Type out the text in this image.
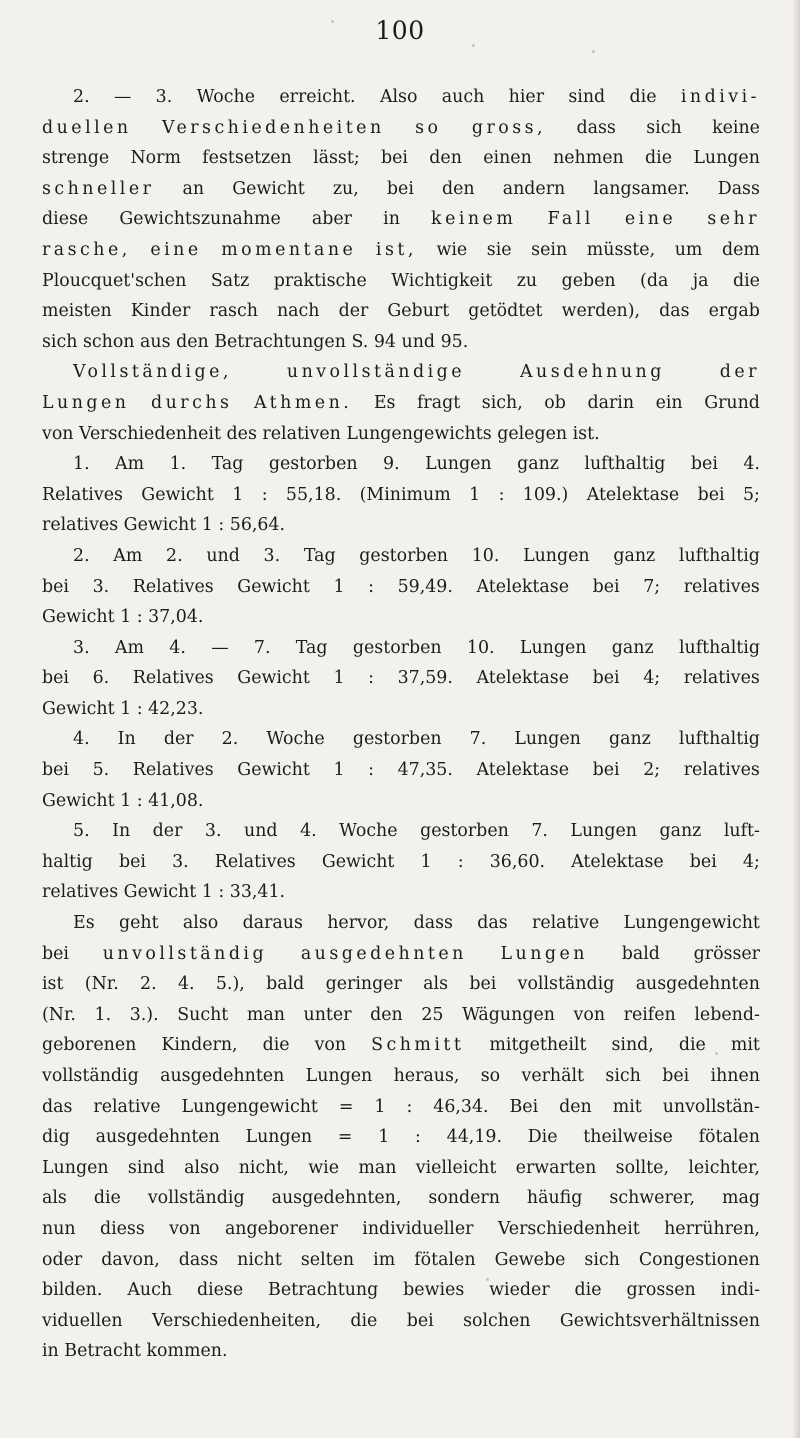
100
2. — 3. Woche erreicht. Also auch hier sind die indivi-
duellen Verschiedenheiten so gross, dass sich keine
strenge Norm festsetzen lässt; bei den einen nehmen die Lungen
schneller an Gewicht zu, bei den andern langsamer. Dass
diese Gewichtszunahme aber in keinem Fall eine sehr
rasche, eine momentane ist, wie sie sein müsste, um dem
Ploucquet'schen Satz praktische Wichtigkeit zu geben (da ja die
meisten Kinder rasch nach der Geburt getödtet werden), das ergab
sich schon aus den Betrachtungen S. 94 und 95.
Vollständige,	unvollständige	Ausdehnung	der
Lungen durchs Athmen. Es fragt sich, ob darin ein Grund
von Verschiedenheit des relativen Lungengewichts gelegen ist.
1. Am 1. Tag gestorben 9. Lungen ganz lufthaltig bei 4.
Relatives Gewicht 1 : 55,18. (Minimum 1 : 109.) Atelektase bei 5;
relatives Gewicht 1 : 56,64.
2. Am 2. und 3. Tag gestorben 10. Lungen ganz lufthaltig
bei 3. Relatives Gewicht 1 : 59,49. Atelektase bei 7; relatives
Gewicht 1 : 37,04.
3. Am 4. — 7. Tag gestorben 10. Lungen ganz lufthaltig
bei 6. Relatives Gewicht 1 : 37,59. Atelektase bei 4; relatives
Gewicht 1 : 42,23.
4. In der 2. Woche gestorben 7. Lungen ganz lufthaltig
bei 5. Relatives Gewicht 1 : 47,35. Atelektase bei 2; relatives
Gewicht 1 : 41,08.
5. In der 3. und 4. Woche gestorben 7. Lungen ganz luft-
haltig bei 3. Relatives Gewicht 1 : 36,60. Atelektase bei 4;
relatives Gewicht 1 : 33,41.
Es geht also daraus hervor, dass das relative Lungengewicht
bei unvollständig ausgedehnten Lungen bald grösser
ist (Nr. 2. 4. 5.), bald geringer als bei vollständig ausgedehnten
(Nr. 1. 3.). Sucht man unter den 25 Wägungen von reifen lebend-
geborenen Kindern, die von Schmitt mitgetheilt sind, die mit
vollständig ausgedehnten Lungen heraus, so verhält sich bei ihnen
das relative Lungengewicht = 1 : 46,34. Bei den mit unvollstän-
dig ausgedehnten Lungen = 1 : 44,19. Die theilweise fötalen
Lungen sind also nicht, wie man vielleicht erwarten sollte, leichter,
als die vollständig ausgedehnten, sondern häufig schwerer, mag
nun diess von angeborener individueller Verschiedenheit herrühren,
oder davon, dass nicht selten im fötalen Gewebe sich Congestionen
bilden. Auch diese Betrachtung bewies wieder die grossen indi-
viduellen Verschiedenheiten, die bei solchen Gewichtsverhältnissen
in Betracht kommen.
